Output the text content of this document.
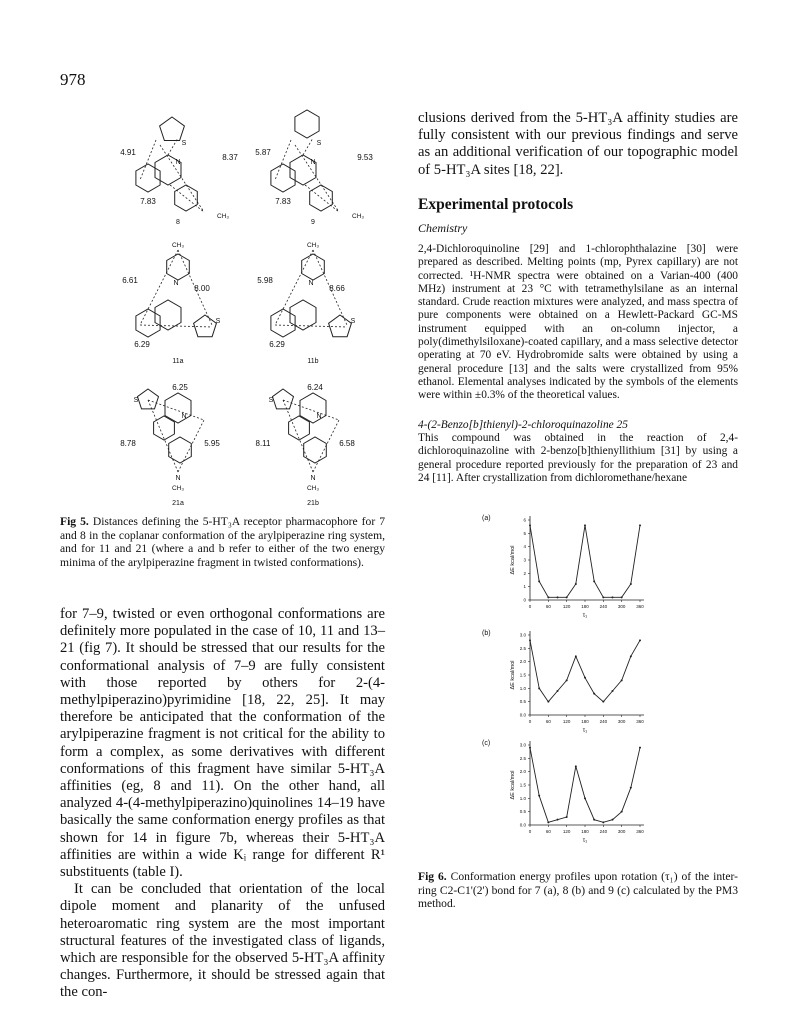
978
4.91
8.37
7.83
S
N
CH₃
8
5.87
9.53
7.83
S
N
CH₃
9
CH₃
6.61
8.00
6.29
N
S
11a
CH₃
5.98
8.66
6.29
N
S
11b
6.25
8.78	5.95
S
N
N
CH₃
21a
6.24
8.11	6.58
S
N
N
CH₃
21b
Fig 5. Distances defining the 5-HT₃A receptor pharmacophore for 7 and 8 in the coplanar conformation of the arylpiperazine ring system, and for 11 and 21 (where a and b refer to either of the two energy minima of the arylpiperazine fragment in twisted conformations).

for 7–9, twisted or even orthogonal conformations are definitely more populated in the case of 10, 11 and 13–21 (fig 7). It should be stressed that our results for the conformational analysis of 7–9 are fully consistent with those reported by others for 2-(4-methylpiperazino)pyrimidine [18, 22, 25]. It may therefore be anticipated that the conformation of the arylpiperazine fragment is not critical for the ability to form a complex, as some derivatives with different conformations of this fragment have similar 5-HT₃A affinities (eg, 8 and 11). On the other hand, all analyzed 4-(4-methylpiperazino)quinolines 14–19 have basically the same conformation energy profiles as that shown for 14 in figure 7b, whereas their 5-HT₃A affinities are within a wide Kᵢ range for different R¹ substituents (table I).

It can be concluded that orientation of the local dipole moment and planarity of the unfused heteroaromatic ring system are the most important structural features of the investigated class of ligands, which are responsible for the observed 5-HT₃A affinity changes. Furthermore, it should be stressed again that the con-

clusions derived from the 5-HT₃A affinity studies are fully consistent with our previous findings and serve as an additional verification of our topographic model of 5-HT₃A sites [18, 22].
Experimental protocols
Chemistry
2,4-Dichloroquinoline [29] and 1-chlorophthalazine [30] were prepared as described. Melting points (mp, Pyrex capillary) are not corrected. ¹H-NMR spectra were obtained on a Varian-400 (400 MHz) instrument at 23 °C with tetramethylsilane as an internal standard. Crude reaction mixtures were analyzed, and mass spectra of pure components were obtained on a Hewlett-Packard GC-MS instrument equipped with an on-column injector, a poly(dimethylsiloxane)-coated capillary, and a mass selective detector operating at 70 eV. Hydrobromide salts were obtained by using a general procedure [13] and the salts were crystallized from 95% ethanol. Elemental analyses indicated by the symbols of the elements were within ±0.3% of the theoretical values.
4-(2-Benzo[b]thienyl)-2-chloroquinazoline 25
This compound was obtained in the reaction of 2,4-dichloroquinazoline with 2-benzo[b]thienyllithium [31] by using a general procedure reported previously for the preparation of 23 and 24 [11]. After crystallization from dichloromethane/hexane
(a)
0	60	120 180 240 300 360
0
1
2
3
4
5
6
ΔE kcal/mol
τ₁
(b)
0	60	120 180 240 300 360
0.0
0.5
1.0
1.5
2.0
2.5
3.0
ΔE kcal/mol
τ₁
(c)
0	60	120 180 240 300 360
0.0
0.5
1.0
1.5
2.0
2.5
3.0
ΔE kcal/mol
τ₁
Fig 6. Conformation energy profiles upon rotation (τ₁) of the inter-ring C2-C1'(2') bond for 7 (a), 8 (b) and 9 (c) calculated by the PM3 method.
